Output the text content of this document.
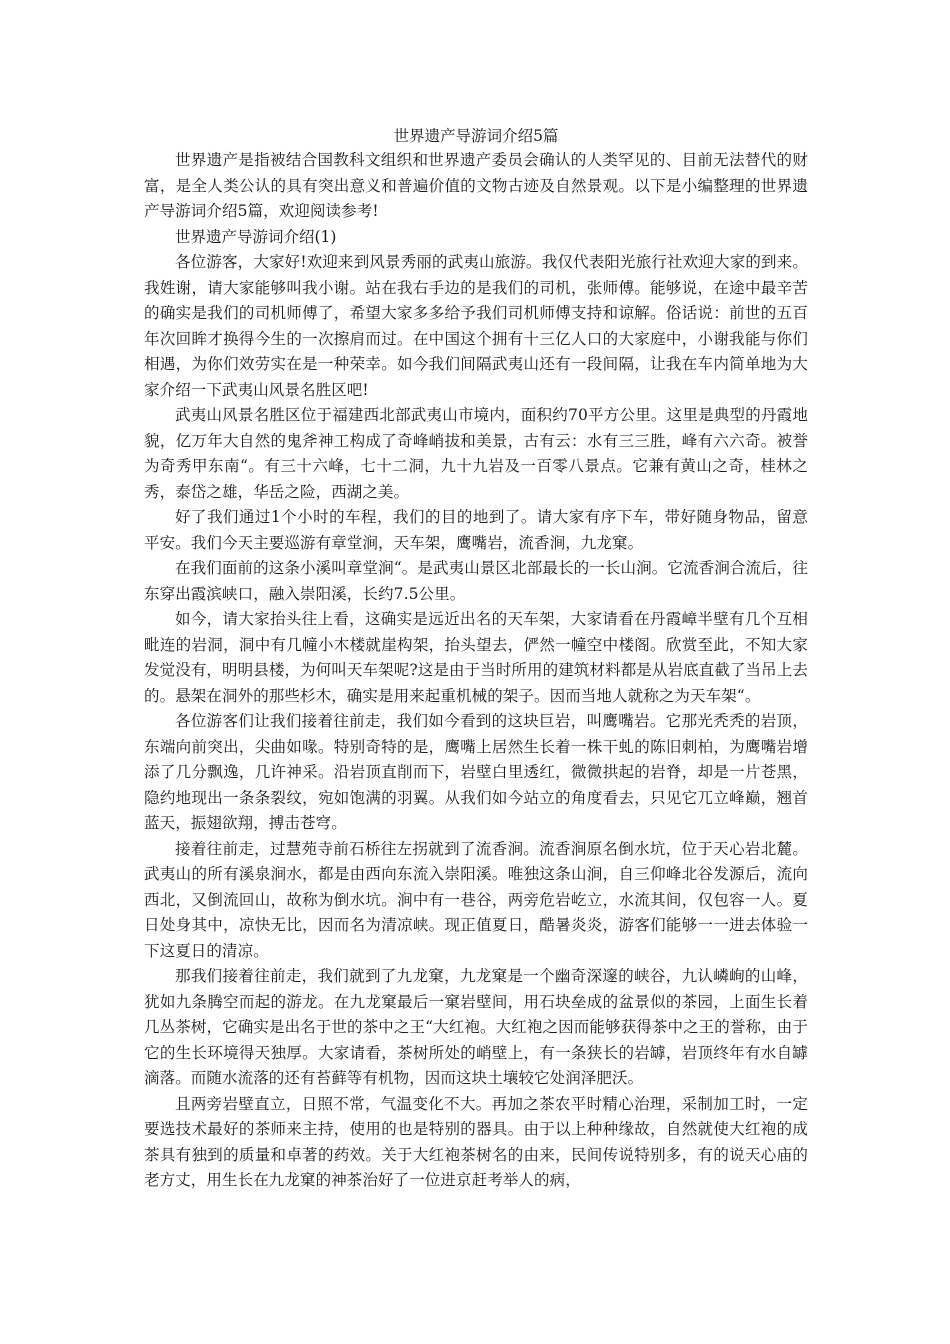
世界遗产导游词介绍5篇

世界遗产是指被结合国教科文组织和世界遗产委员会确认的人类罕见的、目前无法替代的财富，是全人类公认的具有突出意义和普遍价值的文物古迹及自然景观。以下是小编整理的世界遗产导游词介绍5篇，欢迎阅读参考!

世界遗产导游词介绍(1)

各位游客，大家好!欢迎来到风景秀丽的武夷山旅游。我仅代表阳光旅行社欢迎大家的到来。我姓谢，请大家能够叫我小谢。站在我右手边的是我们的司机，张师傅。能够说，在途中最辛苦的确实是我们的司机师傅了，希望大家多多给予我们司机师傅支持和谅解。俗话说：前世的五百年次回眸才换得今生的一次擦肩而过。在中国这个拥有十三亿人口的大家庭中，小谢我能与你们相遇，为你们效劳实在是一种荣幸。如今我们间隔武夷山还有一段间隔，让我在车内简单地为大家介绍一下武夷山风景名胜区吧!

武夷山风景名胜区位于福建西北部武夷山市境内，面积约70平方公里。这里是典型的丹霞地貌，亿万年大自然的鬼斧神工构成了奇峰峭拔和美景，古有云：水有三三胜，峰有六六奇。被誉为奇秀甲东南“。有三十六峰，七十二洞，九十九岩及一百零八景点。它兼有黄山之奇，桂林之秀，泰岱之雄，华岳之险，西湖之美。

好了我们通过1个小时的车程，我们的目的地到了。请大家有序下车，带好随身物品，留意平安。我们今天主要巡游有章堂涧，天车架，鹰嘴岩，流香涧，九龙窠。

在我们面前的这条小溪叫章堂涧“。是武夷山景区北部最长的一长山涧。它流香涧合流后，往东穿出霞滨峡口，融入崇阳溪，长约7.5公里。

如今，请大家抬头往上看，这确实是远近出名的天车架，大家请看在丹霞嶂半壁有几个互相毗连的岩洞，洞中有几幢小木楼就崖构架，抬头望去，俨然一幢空中楼阁。欣赏至此，不知大家发觉没有，明明县楼，为何叫天车架呢?这是由于当时所用的建筑材料都是从岩底直截了当吊上去的。悬架在洞外的那些杉木，确实是用来起重机械的架子。因而当地人就称之为天车架“。

各位游客们让我们接着往前走，我们如今看到的这块巨岩，叫鹰嘴岩。它那光秃秃的岩顶，东端向前突出，尖曲如喙。特别奇特的是，鹰嘴上居然生长着一株干虬的陈旧刺柏，为鹰嘴岩增添了几分飘逸，几许神采。沿岩顶直削而下，岩壁白里透红，微微拱起的岩脊，却是一片苍黑，隐约地现出一条条裂纹，宛如饱满的羽翼。从我们如今站立的角度看去，只见它兀立峰巅，翘首蓝天，振翅欲翔，搏击苍穹。

接着往前走，过慧苑寺前石桥往左拐就到了流香涧。流香涧原名倒水坑，位于天心岩北麓。武夷山的所有溪泉涧水，都是由西向东流入崇阳溪。唯独这条山涧，自三仰峰北谷发源后，流向西北，又倒流回山，故称为倒水坑。涧中有一巷谷，两旁危岩屹立，水流其间，仅包容一人。夏日处身其中，凉快无比，因而名为清凉峡。现正值夏日，酷暑炎炎，游客们能够一一进去体验一下这夏日的清凉。

那我们接着往前走，我们就到了九龙窠，九龙窠是一个幽奇深邃的峡谷，九认嶙峋的山峰，犹如九条腾空而起的游龙。在九龙窠最后一窠岩壁间，用石块垒成的盆景似的茶园，上面生长着几丛茶树，它确实是出名于世的茶中之王“大红袍。大红袍之因而能够获得茶中之王的誉称，由于它的生长环境得天独厚。大家请看，茶树所处的峭壁上，有一条狭长的岩罅，岩顶终年有水自罅滴落。而随水流落的还有苔藓等有机物，因而这块土壤较它处润泽肥沃。

且两旁岩壁直立，日照不常，气温变化不大。再加之茶农平时精心治理，采制加工时，一定要选技术最好的茶师来主持，使用的也是特别的器具。由于以上种种缘故，自然就使大红袍的成茶具有独到的质量和卓著的药效。关于大红袍茶树名的由来，民间传说特别多，有的说天心庙的老方丈，用生长在九龙窠的神茶治好了一位进京赶考举人的病，
